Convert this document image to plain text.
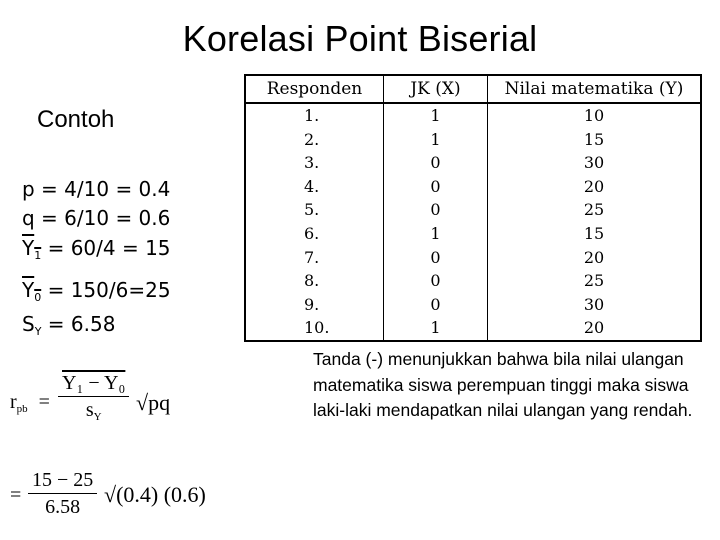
Korelasi Point Biserial
Contoh
Responden	JK (X)	Nilai matematika (Y)
1.
2.
3.
4.
5.
6.
7.
8.
9.
10.
1
1
0
0
0
1
0
0
0
1
10
15
30
20
25
15
20
25
30
20
p = 4/10 = 0.4
q = 6/10 = 0.6
$Y_1 = 60/4 = 15$
$Y_0 = 150/6=25$
$S_Y = 6.58$
$r_{pb} = \frac{\text{Y₁ − Y₀}}{s_Y} √pq$
= $\frac{15 - 25}{6.58} √(0.4)$ (0.6)
Tanda (-) menunjukkan bahwa bila nilai ulangan matematika siswa perempuan tinggi maka siswa laki-laki mendapatkan nilai ulangan yang rendah.
